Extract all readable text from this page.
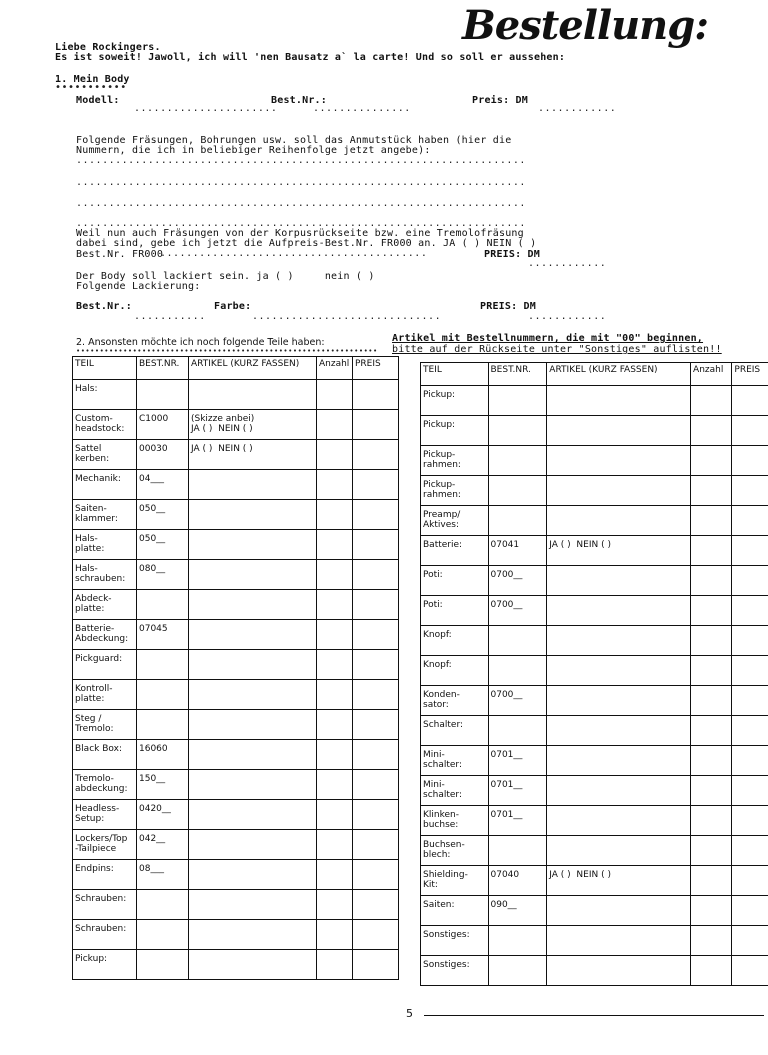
Bestellung:
Liebe Rockingers.
Es ist soweit! Jawoll, ich will 'nen Bausatz a` la carte! Und so soll er aussehen:
1. Mein Body
•••••••••••
Modell:	Best.Nr.:	Preis: DM
......................	...............	............
Folgende Fräsungen, Bohrungen usw. soll das Anmutstück haben (hier die
Nummern, die ich in beliebiger Reihenfolge jetzt angebe):
.....................................................................
.....................................................................
.....................................................................
.....................................................................
Weil nun auch Fräsungen von der Korpusrückseite bzw. eine Tremolofräsung
dabei sind, gebe ich jetzt die Aufpreis-Best.Nr. FR000 an. JA ( ) NEIN ( )
Best.Nr. FR000
.........................................	PREIS: DM
............
Der Body soll lackiert sein. ja ( )     nein ( )
Folgende Lackierung:
Best.Nr.:	Farbe:	PREIS: DM
...........	.............................	............
2. Ansonsten möchte ich noch folgende Teile haben:
••••••••••••••••••••••••••••••••••••••••••••••••••••••••••••••••
Artikel mit Bestellnummern, die mit "00" beginnen,
bitte auf der Rückseite unter "Sonstiges" auflisten!!
TEIL	BEST.NR.	ARTIKEL (KURZ FASSEN)	Anzahl	PREIS

Hals:				

Custom-
headstock:	C1000	(Skizze anbei)
JA ( )  NEIN ( )		

Sattel
kerben:	00030	JA ( )  NEIN ( )		

Mechanik:	04___			

Saiten-
klammer:	050__			

Hals-
platte:	050__			

Hals-
schrauben:	080__			

Abdeck-
platte:				

Batterie-
Abdeckung:	07045			

Pickguard:				

Kontroll-
platte:				

Steg /
Tremolo:				

Black Box:	16060			

Tremolo-
abdeckung:	150__			

Headless-
Setup:	0420__			

Lockers/Top
-Tailpiece	042__			

Endpins:	08___			

Schrauben:				

Schrauben:				

Pickup:				

TEIL	BEST.NR.	ARTIKEL (KURZ FASSEN)	Anzahl	PREIS

Pickup:				

Pickup:				

Pickup-
rahmen:				

Pickup-
rahmen:				

Preamp/
Aktives:				

Batterie:	07041	JA ( )  NEIN ( )		

Poti:	0700__			

Poti:	0700__			

Knopf:				

Knopf:				

Konden-
sator:	0700__			

Schalter:				

Mini-
schalter:	0701__			

Mini-
schalter:	0701__			

Klinken-
buchse:	0701__			

Buchsen-
blech:				

Shielding-
Kit:	07040	JA ( )  NEIN ( )		

Saiten:	090__			

Sonstiges:				

Sonstiges:				

5
